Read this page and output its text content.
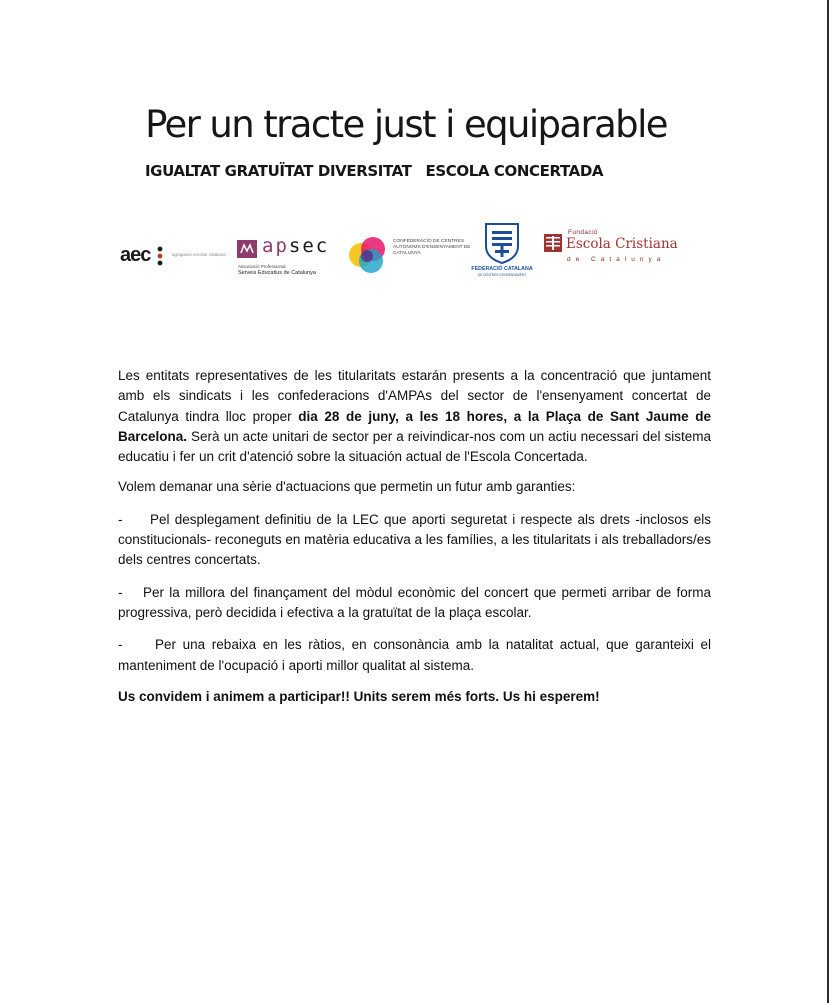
Per un tracte just i equiparable
IGUALTAT GRATUÏTAT DIVERSITAT ESCOLA CONCERTADA
aec	agrupació escolar catalana apsec
Associació Professional
Serveis Educatius de Catalunya
CONFEDERACIÓ DE CENTRES AUTÒNOMS D'ENSENYAMENT DE CATALUNYA
FEDERACIÓ CATALANA
DE CENTRES D'ENSENYAMENT
Fundació
Escola Cristiana
de Catalunya

Les entitats representatives de les titularitats estarán presents a la concentració que juntament amb els sindicats i les confederacions d'AMPAs del sector de l'ensenyament concertat de Catalunya tindra lloc proper dia 28 de juny, a les 18 hores, a la Plaça de Sant Jaume de Barcelona. Serà un acte unitari de sector per a reivindicar-nos com un actiu necessari del sistema educatiu i fer un crit d'atenció sobre la situación actual de l'Escola Concertada.

Volem demanar una sèrie d'actuacions que permetin un futur amb garanties:

- Pel desplegament definitiu de la LEC que aporti seguretat i respecte als drets -inclosos els constitucionals- reconeguts en matèria educativa a les famílies, a les titularitats i als treballadors/es dels centres concertats.

- Per la millora del finançament del mòdul econòmic del concert que permeti arribar de forma progressiva, però decidida i efectiva a la gratuïtat de la plaça escolar.

- Per una rebaixa en les ràtios, en consonància amb la natalitat actual, que garanteixi el manteniment de l'ocupació i aporti millor qualitat al sistema.

Us convidem i animem a participar!! Units serem més forts. Us hi esperem!
